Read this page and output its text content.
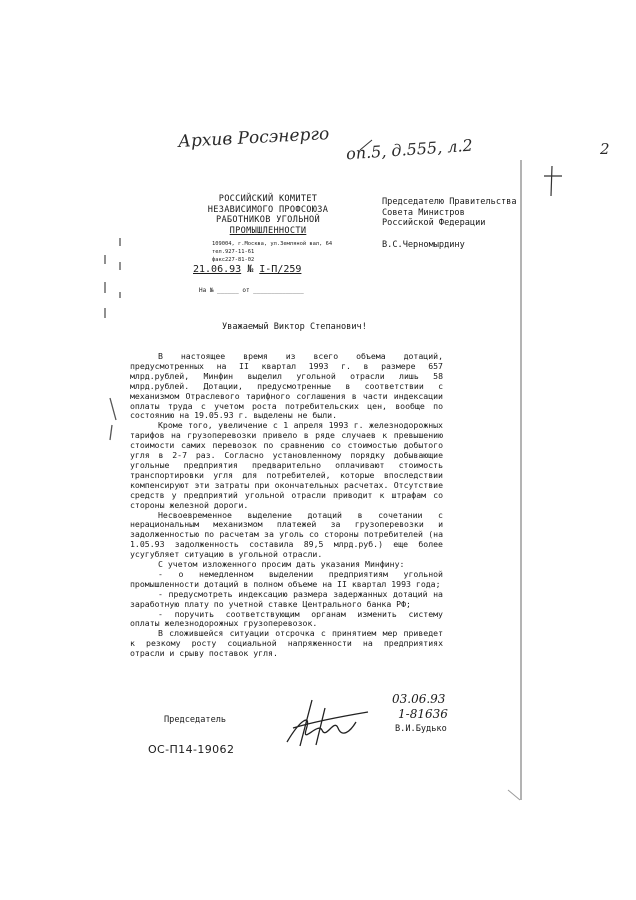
Архив Росэнерго оп.5, д.555, л.2	2
РОССИЙСКИЙ КОМИТЕТ
НЕЗАВИСИМОГО ПРОФСОЮЗА
РАБОТНИКОВ УГОЛЬНОЙ
ПРОМЫШЛЕННОСТИ
109004, г.Москва, ул.Земляной вал, 64
тел.927-11-61
факс227-81-02
21.06.93 № I-П/259
На № ______ от ______________
Председателю Правительства
Совета Министров
Российской Федерации
В.С.Черномырдину
Уважаемый Виктор Степанович!

В настоящее время из всего объема дотаций, предусмотренных на II квартал 1993 г. в размере 657 млрд.рублей, Минфин выделил угольной отрасли лишь 58 млрд.рублей. Дотации, предусмотренные в соответствии с механизмом Отраслевого тарифного соглашения в части индексации оплаты труда с учетом роста потребительских цен, вообще по состоянию на 19.05.93 г. выделены не были.

Кроме того, увеличение с 1 апреля 1993 г. железнодорожных тарифов на грузоперевозки привело в ряде случаев к превышению стоимости самих перевозок по сравнению со стоимостью добытого угля в 2-7 раз. Согласно установленному порядку добывающие угольные предприятия предварительно оплачивают стоимость транспортировки угля для потребителей, которые впоследствии компенсируют эти затраты при окончательных расчетах. Отсутствие средств у предприятий угольной отрасли приводит к штрафам со стороны железной дороги.

Несвоевременное выделение дотаций в сочетании с нерациональным механизмом платежей за грузоперевозки и задолженностью по расчетам за уголь со стороны потребителей (на 1.05.93 задолженность составила 89,5 млрд.руб.) еще более усугубляет ситуацию в угольной отрасли.

С учетом изложенного просим дать указания Минфину:

- о немедленном выделении предприятиям угольной промышленности дотаций в полном объеме на II квартал 1993 года;

- предусмотреть индексацию размера задержанных дотаций на заработную плату по учетной ставке Центрального банка РФ;

- поручить соответствующим органам изменить систему оплаты железнодорожных грузоперевозок.

В сложившейся ситуации отсрочка с принятием мер приведет к резкому росту социальной напряженности на предприятиях отрасли и срыву поставок угля.

03.06.93
1-81636
Председатель
В.И.Будько
ОС-П14-19062
